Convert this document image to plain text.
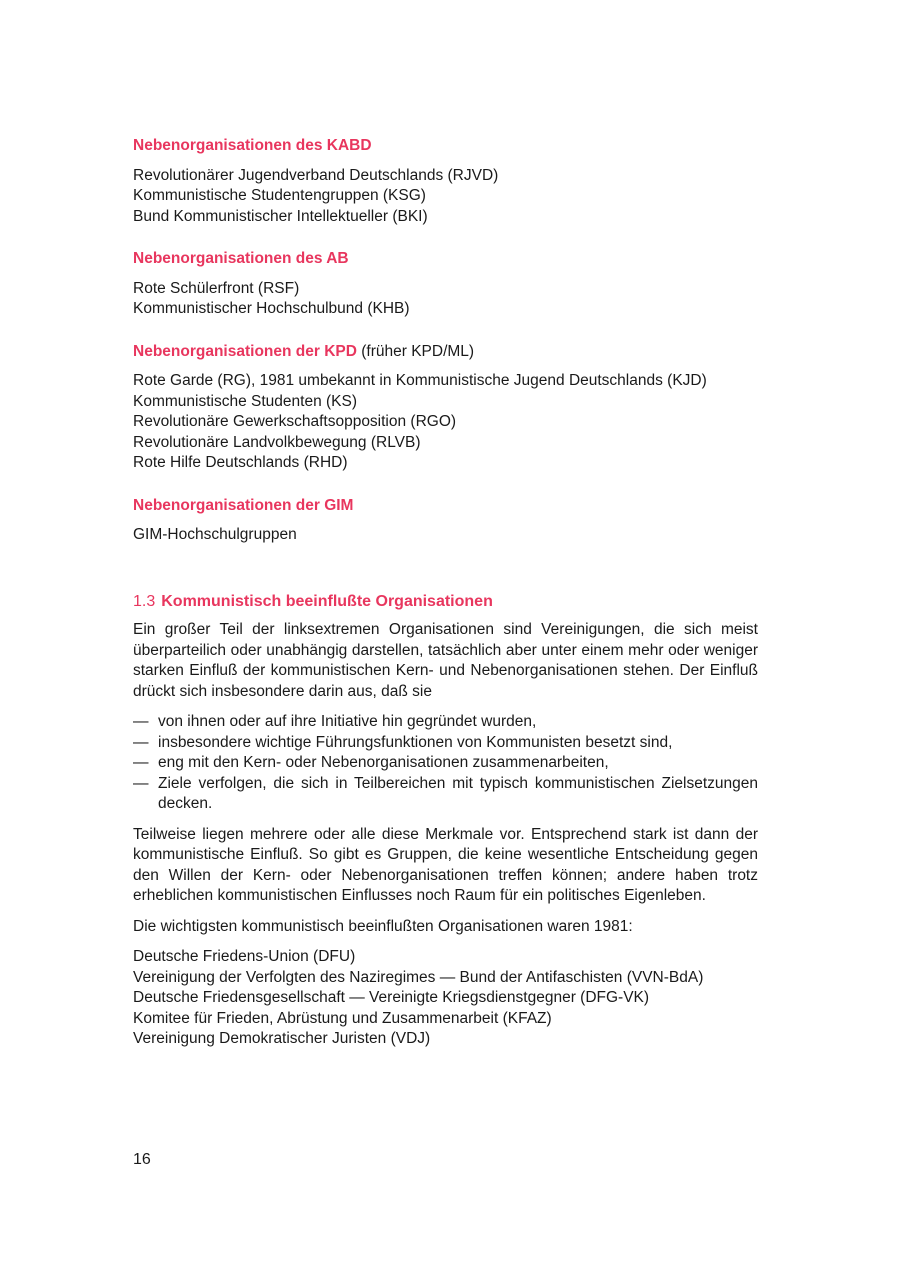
Nebenorganisationen des KABD
Revolutionärer Jugendverband Deutschlands (RJVD)
Kommunistische Studentengruppen (KSG)
Bund Kommunistischer Intellektueller (BKI)
Nebenorganisationen des AB
Rote Schülerfront (RSF)
Kommunistischer Hochschulbund (KHB)
Nebenorganisationen der KPD (früher KPD/ML)
Rote Garde (RG), 1981 umbekannt in Kommunistische Jugend Deutschlands (KJD)
Kommunistische Studenten (KS)
Revolutionäre Gewerkschaftsopposition (RGO)
Revolutionäre Landvolkbewegung (RLVB)
Rote Hilfe Deutschlands (RHD)
Nebenorganisationen der GIM
GIM-Hochschulgruppen
1.3 Kommunistisch beeinflußte Organisationen

Ein großer Teil der linksextremen Organisationen sind Vereinigungen, die sich meist überparteilich oder unabhängig darstellen, tatsächlich aber unter einem mehr oder weniger starken Einfluß der kommunistischen Kern- und Nebenorganisationen stehen. Der Einfluß drückt sich insbesondere darin aus, daß sie

— von ihnen oder auf ihre Initiative hin gegründet wurden,
— insbesondere wichtige Führungsfunktionen von Kommunisten besetzt sind,
— eng mit den Kern- oder Nebenorganisationen zusammenarbeiten,
— Ziele verfolgen, die sich in Teilbereichen mit typisch kommunistischen Zielsetzungen decken.

Teilweise liegen mehrere oder alle diese Merkmale vor. Entsprechend stark ist dann der kommunistische Einfluß. So gibt es Gruppen, die keine wesentliche Entscheidung gegen den Willen der Kern- oder Nebenorganisationen treffen können; andere haben trotz erheblichen kommunistischen Einflusses noch Raum für ein politisches Eigenleben.

Die wichtigsten kommunistisch beeinflußten Organisationen waren 1981:
Deutsche Friedens-Union (DFU)
Vereinigung der Verfolgten des Naziregimes — Bund der Antifaschisten (VVN-BdA)
Deutsche Friedensgesellschaft — Vereinigte Kriegsdienstgegner (DFG-VK)
Komitee für Frieden, Abrüstung und Zusammenarbeit (KFAZ)
Vereinigung Demokratischer Juristen (VDJ)
16
